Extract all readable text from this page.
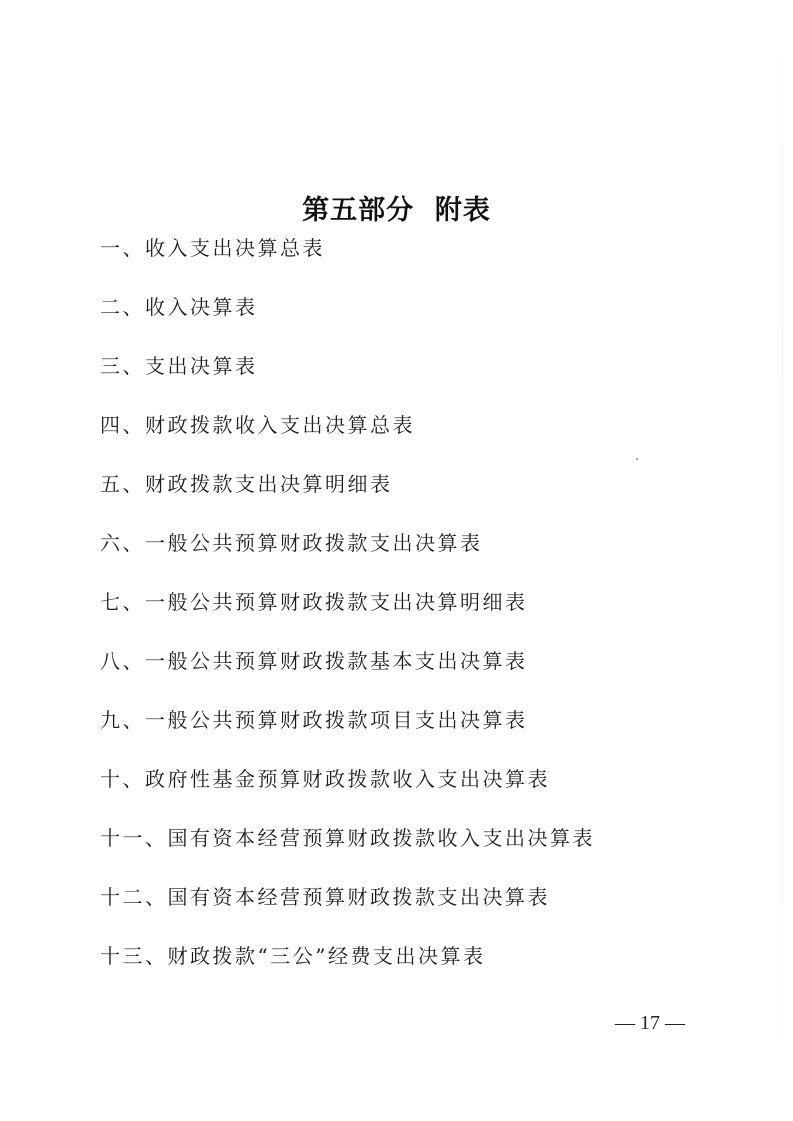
第五部分  附表
一、收入支出决算总表
二、收入决算表
三、支出决算表
四、财政拨款收入支出决算总表
五、财政拨款支出决算明细表
六、一般公共预算财政拨款支出决算表
七、一般公共预算财政拨款支出决算明细表
八、一般公共预算财政拨款基本支出决算表
九、一般公共预算财政拨款项目支出决算表
十、政府性基金预算财政拨款收入支出决算表
十一、国有资本经营预算财政拨款收入支出决算表
十二、国有资本经营预算财政拨款支出决算表
十三、财政拨款“三公”经费支出决算表
— 17 —
